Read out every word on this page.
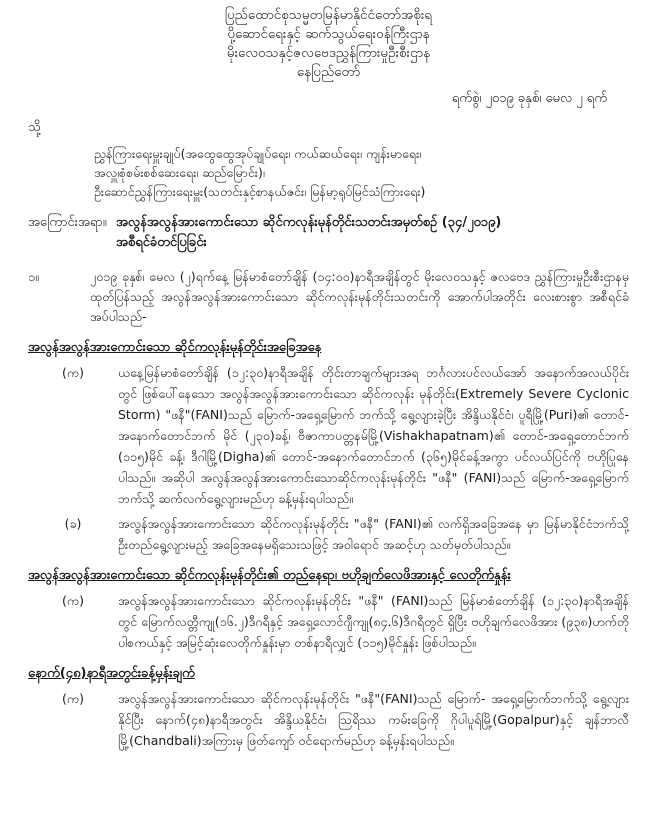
ပြည်ထောင်စုသမ္မတမြန်မာနိုင်ငံတော်အစိုးရ
ပို့ဆောင်ရေးနှင့် ဆက်သွယ်ရေးဝန်ကြီးဌာန
မိုးလေဝသနှင့်ဇလဗေဒညွှန်ကြားမှုဦးစီးဌာန
နေပြည်တော်
ရက်စွဲ၊ ၂၀၁၉ ခုနှစ်၊ မေလ ၂ ရက်
သို့
ညွှန်ကြားရေးမှူးချုပ်(အထွေထွေအုပ်ချုပ်ရေး၊ ကယ်ဆယ်ရေး၊ ကျန်းမာရေး၊
အလှူ၊စုံစမ်းစစ်ဆေးရေး၊ ဆည်မြောင်း)၊
ဦးဆောင်ညွှန်ကြားရေးမှူး(သတင်းနှင့်စာနယ်ဇင်း၊ မြန်မာ့ရုပ်မြင်သံကြားရေး)
အကြောင်းအရာ။ အလွန်အလွန်အားကောင်းသော ဆိုင်ကလုန်းမုန်တိုင်းသတင်းအမှတ်စဉ် (၃၄/၂၀၁၉)
အစီရင်ခံတင်ပြခြင်း
၁။	၂၀၁၉ ခုနှစ်၊ မေလ (၂)ရက်နေ့ မြန်မာစံတော်ချိန် (၁၄:၀၀)နာရီအချိန်တွင် မိုးလေဝသနှင့် ဇလဗေဒ ညွှန်ကြားမှုဦးစီးဌာနမှ ထုတ်ပြန်သည့် အလွန်အလွန်အားကောင်းသော ဆိုင်ကလုန်းမုန်တိုင်းသတင်းကို အောက်ပါအတိုင်း လေးစားစွာ အစီရင်ခံအပ်ပါသည်-
အလွန်အလွန်အားကောင်းသော ဆိုင်ကလုန်းမုန်တိုင်းအခြေအနေ
(က)	ယနေ့မြန်မာစံတော်ချိန် (၁၂:၃၀)နာရီအချိန် တိုင်းတာချက်များအရ ဘင်္ဂလားပင်လယ်အော် အနောက်အလယ်ပိုင်းတွင် ဖြစ်ပေါ်နေသော အလွန်အလွန်အားကောင်းသော ဆိုင်ကလုန်း မုန်တိုင်း(Extremely Severe Cyclonic Storm) "ဖနီ"(FANI)သည် မြောက်-အရှေ့မြောက် ဘက်သို့ ရွေ့လျားခဲ့ပြီး အိန္ဒိယနိုင်ငံ၊ ပူရီမြို့(Puri)၏ တောင်-အနောက်တောင်ဘက် မိုင် (၂၃၀)ခန့်၊ ဗီဇာကာပတ္တနမ်မြို့(Vishakhapatnam)၏ တောင်-အရှေ့တောင်ဘက် (၁၁၅)မိုင် ခန့်၊ ဒီဂါမြို့(Digha)၏ တောင်-အနောက်တောင်ဘက် (၃၆၅)မိုင်ခန့်အကွာ ပင်လယ်ပြင်ကို ဗဟိုပြုနေပါသည်။ အဆိုပါ အလွန်အလွန်အားကောင်းသောဆိုင်ကလုန်းမုန်တိုင်း "ဖနီ" (FANI)သည် မြောက်-အရှေ့မြောက်ဘက်သို့ ဆက်လက်ရွေ့လျားမည်ဟု ခန့်မှန်းရပါသည်။
(ခ)	အလွန်အလွန်အားကောင်းသော ဆိုင်ကလုန်းမုန်တိုင်း "ဖနီ" (FANI)၏ လက်ရှိအခြေအနေ မှာ မြန်မာနိုင်ငံဘက်သို့ ဦးတည်ရွေ့လျားမည့် အခြေအနေမရှိသေးသဖြင့် အဝါရောင် အဆင့်ဟု သတ်မှတ်ပါသည်။
အလွန်အလွန်အားကောင်းသော ဆိုင်ကလုန်းမုန်တိုင်း၏ တည်နေရာ၊ ဗဟိုချက်လေဖိအားနှင့် လေတိုက်နှုန်း
(က)	အလွန်အလွန်အားကောင်းသော ဆိုင်ကလုန်းမုန်တိုင်း "ဖနီ" (FANI)သည် မြန်မာစံတော်ချိန် (၁၂:၃၀)နာရီအချိန်တွင် မြောက်လတ္တီကျု(၁၆.၂)ဒီဂရီနှင့် အရှေ့လောင်ဂျီကျု(၈၄.၆)ဒီဂရီတွင် ရှိပြီး ဗဟိုချက်လေဖိအား (၉၃၈)ဟက်တိုပါစကယ်နှင့် အမြင့်ဆုံးလေတိုက်နှုန်းမှာ တစ်နာရီလျှင် (၁၁၅)မိုင်နှုန်း ဖြစ်ပါသည်။
နောက်(၄၈)နာရီအတွင်းခန့်မှန်းချက်
(က)	အလွန်အလွန်အားကောင်းသော ဆိုင်ကလုန်းမုန်တိုင်း "ဖနီ"(FANI)သည် မြောက်- အရှေ့မြောက်ဘက်သို့ ရွေ့လျားနိုင်ပြီး နောက်(၄၈)နာရီအတွင်း အိန္ဒိယနိုင်ငံ၊ ဩရိဿ ကမ်းခြေကို ဂိုပါပူရ်မြို့(Gopalpur)နှင့် ချန်ဘာလီမြို့(Chandbali)အကြားမှ ဖြတ်ကျော် ဝင်ရောက်မည်ဟု ခန့်မှန်းရပါသည်။
